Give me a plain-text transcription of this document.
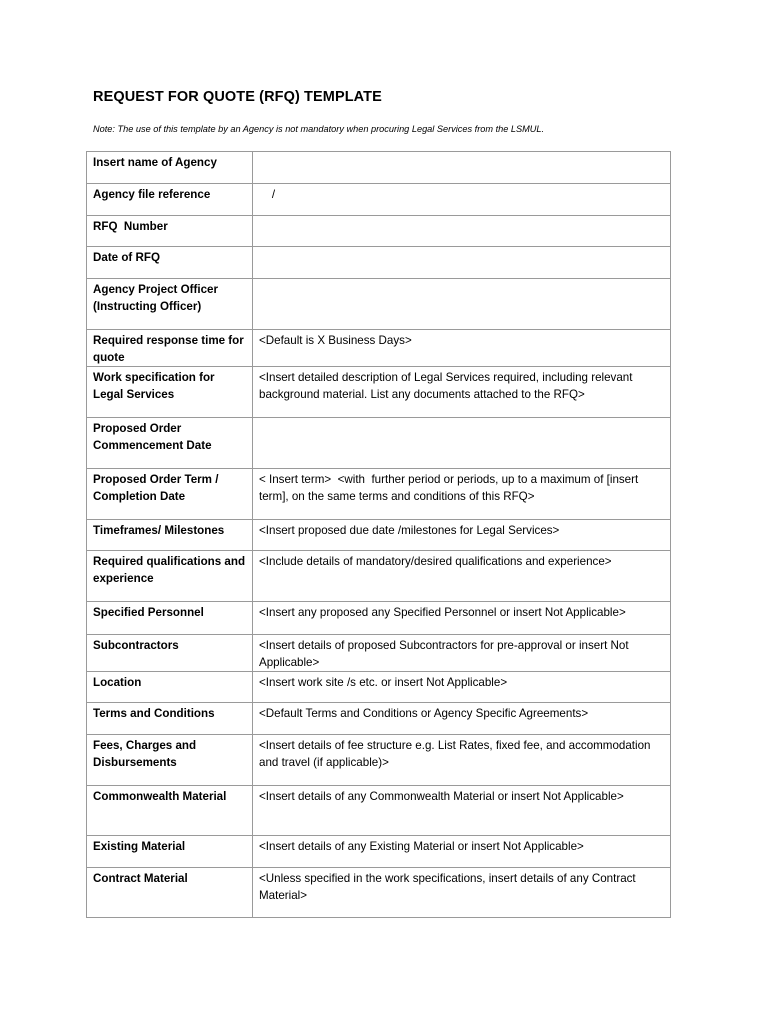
REQUEST FOR QUOTE (RFQ) TEMPLATE
Note: The use of this template by an Agency is not mandatory when procuring Legal Services from the LSMUL.
Insert name of Agency	
Agency file reference	/
RFQ  Number	
Date of RFQ	
Agency Project Officer (Instructing Officer)	
Required response time for quote	<Default is X Business Days>
Work specification for Legal Services	<Insert detailed description of Legal Services required, including relevant background material. List any documents attached to the RFQ>
Proposed Order Commencement Date	
Proposed Order Term / Completion Date	< Insert term>  <with  further period or periods, up to a maximum of [insert term], on the same terms and conditions of this RFQ>
Timeframes/ Milestones	<Insert proposed due date /milestones for Legal Services>
Required qualifications and experience	<Include details of mandatory/desired qualifications and experience>
Specified Personnel	<Insert any proposed any Specified Personnel or insert Not Applicable>
Subcontractors	<Insert details of proposed Subcontractors for pre-approval or insert Not Applicable>
Location	<Insert work site /s etc. or insert Not Applicable>
Terms and Conditions	<Default Terms and Conditions or Agency Specific Agreements>
Fees, Charges and Disbursements	<Insert details of fee structure e.g. List Rates, fixed fee, and accommodation and travel (if applicable)>
Commonwealth Material	<Insert details of any Commonwealth Material or insert Not Applicable>
Existing Material	<Insert details of any Existing Material or insert Not Applicable>
Contract Material	<Unless specified in the work specifications, insert details of any Contract Material>
